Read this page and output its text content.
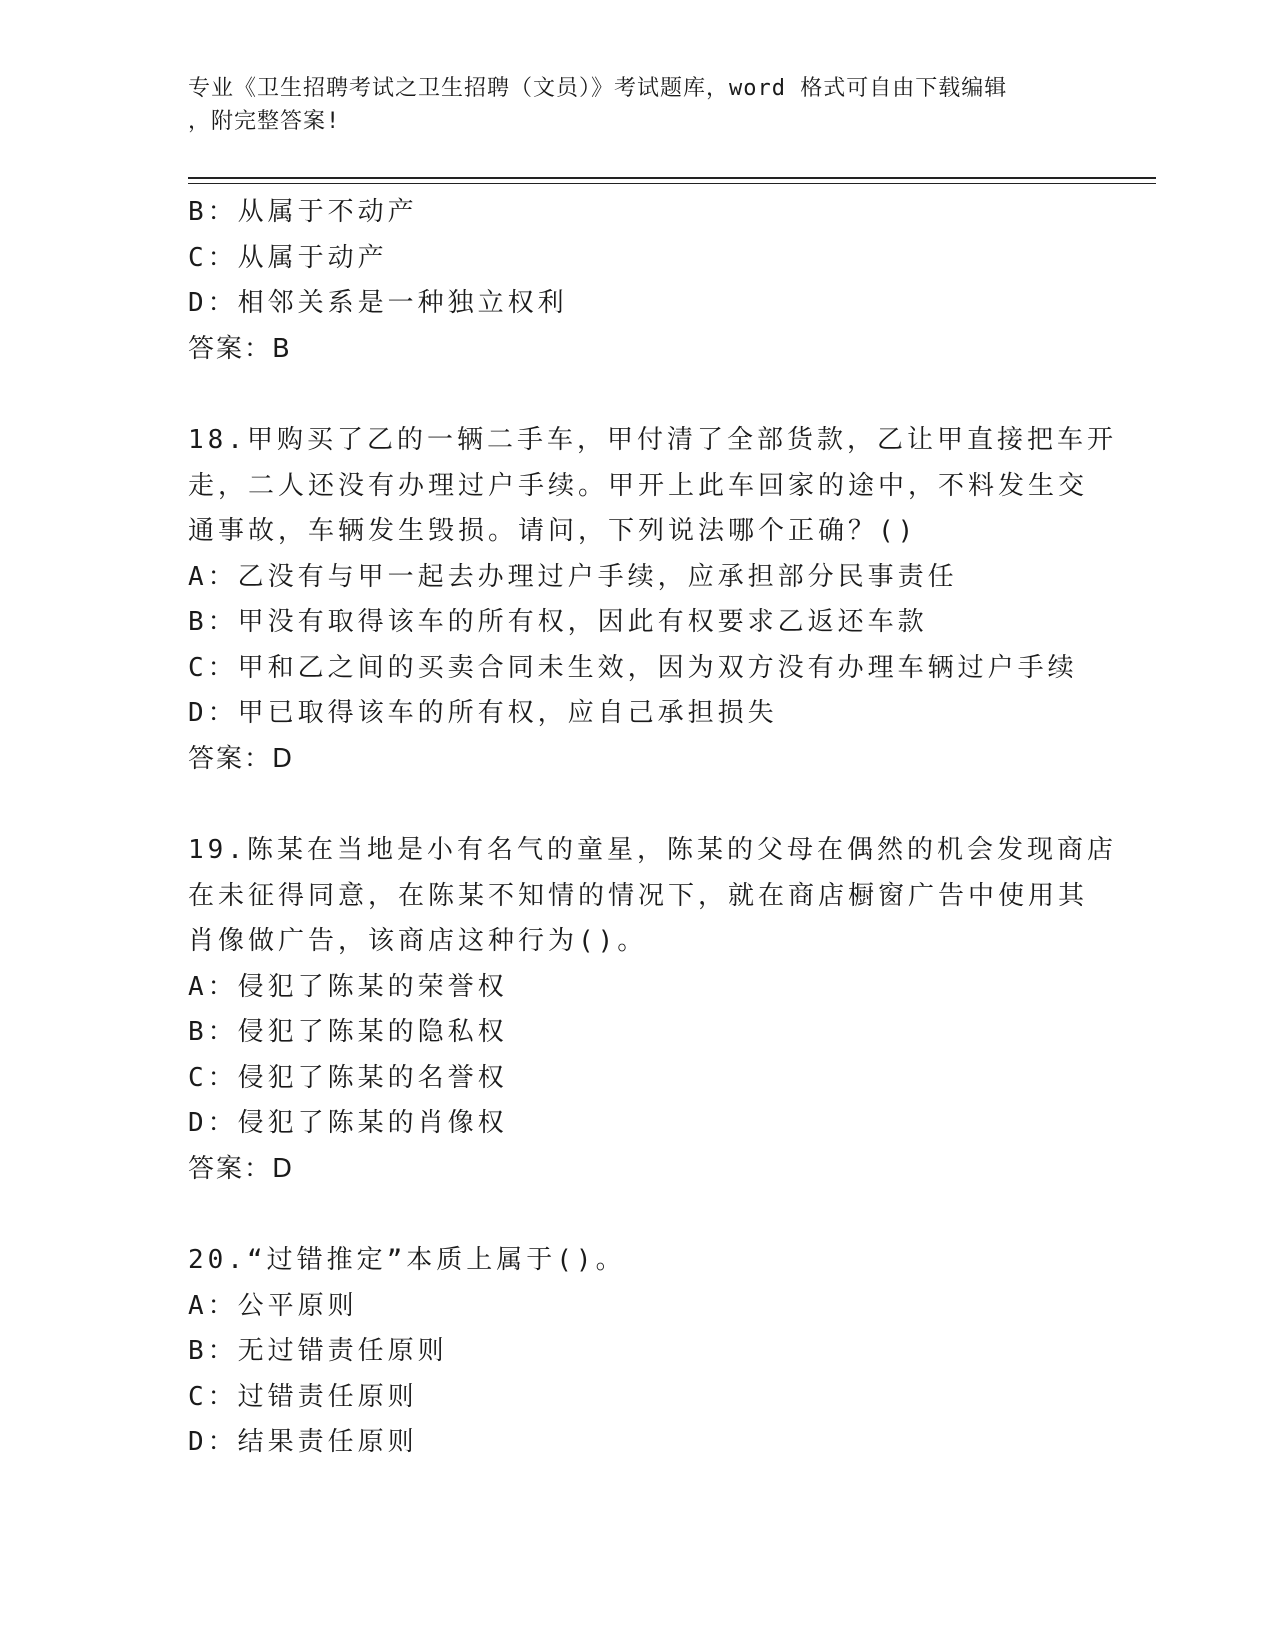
专业《卫生招聘考试之卫生招聘（文员）》考试题库，word 格式可自由下载编辑
，附完整答案!
B：从属于不动产
C：从属于动产
D：相邻关系是一种独立权利
答案：B
18.甲购买了乙的一辆二手车，甲付清了全部货款，乙让甲直接把车开
走，二人还没有办理过户手续。甲开上此车回家的途中，不料发生交
通事故，车辆发生毁损。请问，下列说法哪个正确？()
A：乙没有与甲一起去办理过户手续，应承担部分民事责任
B：甲没有取得该车的所有权，因此有权要求乙返还车款
C：甲和乙之间的买卖合同未生效，因为双方没有办理车辆过户手续
D：甲已取得该车的所有权，应自己承担损失
答案：D
19.陈某在当地是小有名气的童星，陈某的父母在偶然的机会发现商店
在未征得同意，在陈某不知情的情况下，就在商店橱窗广告中使用其
肖像做广告，该商店这种行为()。
A：侵犯了陈某的荣誉权
B：侵犯了陈某的隐私权
C：侵犯了陈某的名誉权
D：侵犯了陈某的肖像权
答案：D
20.“过错推定”本质上属于()。
A：公平原则
B：无过错责任原则
C：过错责任原则
D：结果责任原则
